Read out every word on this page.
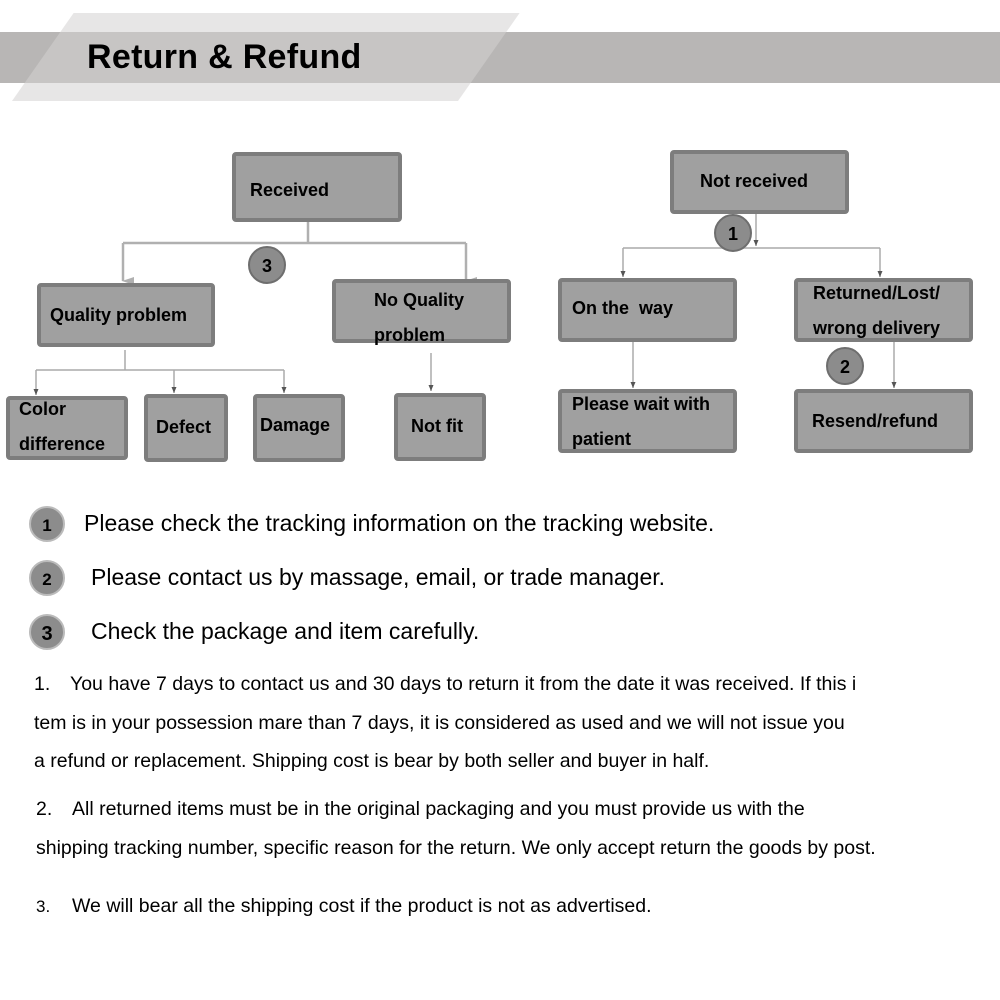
Return & Refund
3
1
2
1
2
3
Received
Quality problem
No Quality
problem
Color
difference
Defect	Damage	Not fit
Not received
On the  way
Returned/Lost/
wrong delivery
Please wait with
patient
Resend/refund
Please check the tracking information on the tracking website.
Please contact us by massage, email, or trade manager.
Check the package and item carefully.
1. You have 7 days to contact us and 30 days to return it from the date it was received. If this i
tem is in your possession mare than 7 days, it is considered as used and we will not issue you
a refund or replacement. Shipping cost is bear by both seller and buyer in half.
2. All returned items must be in the original packaging and you must provide us with the
shipping tracking number, specific reason for the return. We only accept return the goods by post.
3. We will bear all the shipping cost if the product is not as advertised.
